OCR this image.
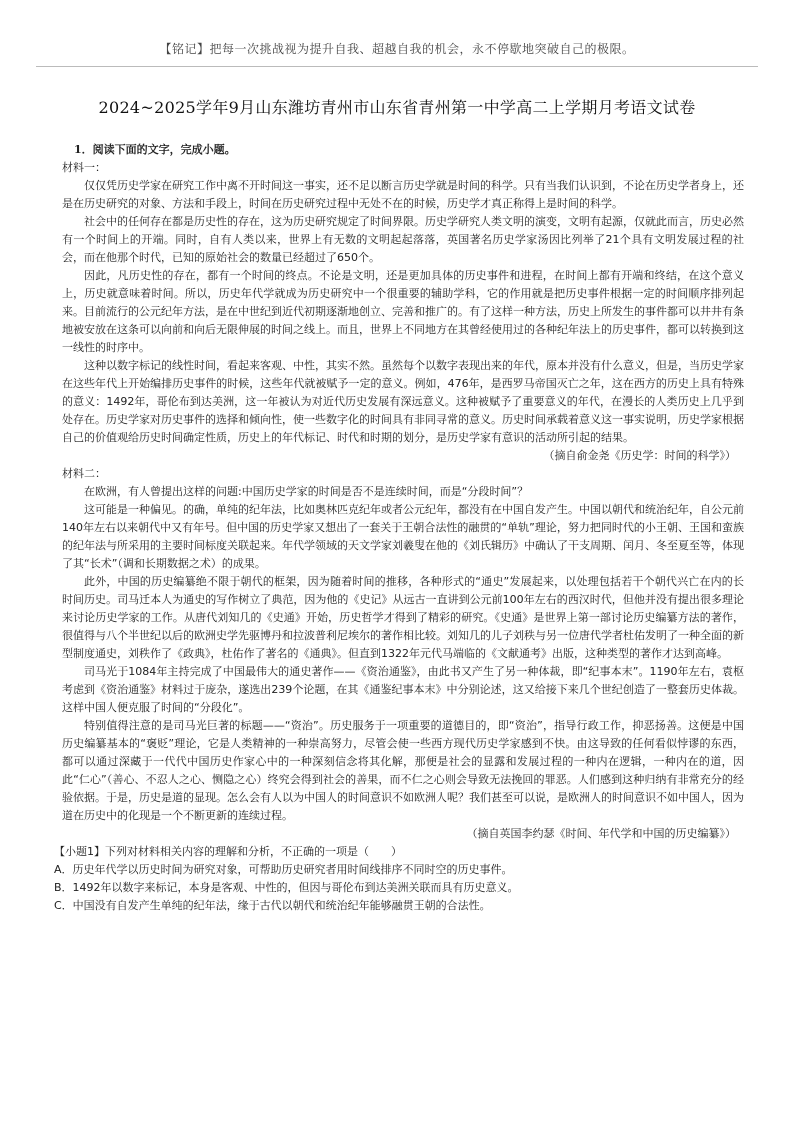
【铭记】把每一次挑战视为提升自我、超越自我的机会，永不停歇地突破自己的极限。
2024~2025学年9月山东潍坊青州市山东省青州第一中学高二上学期月考语文试卷

1．阅读下面的文字，完成小题。

材料一：

仅仅凭历史学家在研究工作中离不开时间这一事实，还不足以断言历史学就是时间的科学。只有当我们认识到，不论在历史学者身上，还是在历史研究的对象、方法和手段上，时间在历史研究过程中无处不在的时候，历史学才真正称得上是时间的科学。

社会中的任何存在都是历史性的存在，这为历史研究规定了时间界限。历史学研究人类文明的演变，文明有起源，仅就此而言，历史必然有一个时间上的开端。同时，自有人类以来，世界上有无数的文明起起落落，英国著名历史学家汤因比列举了21个具有文明发展过程的社会，而在他那个时代，已知的原始社会的数量已经超过了650个。

因此，凡历史性的存在，都有一个时间的终点。不论是文明，还是更加具体的历史事件和进程，在时间上都有开端和终结，在这个意义上，历史就意味着时间。所以，历史年代学就成为历史研究中一个很重要的辅助学科，它的作用就是把历史事件根据一定的时间顺序排列起来。目前流行的公元纪年方法，是在中世纪到近代初期逐渐地创立、完善和推广的。有了这样一种方法，历史上所发生的事件都可以井井有条地被安放在这条可以向前和向后无限伸展的时间之线上。而且，世界上不同地方在其曾经使用过的各种纪年法上的历史事件，都可以转换到这一线性的时序中。

这种以数字标记的线性时间，看起来客观、中性，其实不然。虽然每个以数字表现出来的年代，原本并没有什么意义，但是，当历史学家在这些年代上开始编排历史事件的时候，这些年代就被赋予一定的意义。例如，476年，是西罗马帝国灭亡之年，这在西方的历史上具有特殊的意义：1492年，哥伦布到达美洲，这一年被认为对近代历史发展有深远意义。这种被赋予了重要意义的年代，在漫长的人类历史上几乎到处存在。历史学家对历史事件的选择和倾向性，使一些数字化的时间具有非同寻常的意义。历史时间承载着意义这一事实说明，历史学家根据自己的价值观给历史时间确定性质，历史上的年代标记、时代和时期的划分，是历史学家有意识的活动所引起的结果。

（摘自俞金尧《历史学：时间的科学》）

材料二：

在欧洲，有人曾提出这样的问题:中国历史学家的时间是否不是连续时间，而是“分段时间”？

这可能是一种偏见。的确，单纯的纪年法，比如奥林匹克纪年或者公元纪年，都没有在中国自发产生。中国以朝代和统治纪年，自公元前140年左右以来朝代中又有年号。但中国的历史学家又想出了一套关于王朝合法性的融贯的“单轨”理论，努力把同时代的小王朝、王国和蛮族的纪年法与所采用的主要时间标度关联起来。年代学领域的天文学家刘羲叟在他的《刘氏辑历》中确认了干支周期、闰月、冬至夏至等，体现了其“长术”（调和长期数据之术）的成果。

此外，中国的历史编纂绝不限于朝代的框架，因为随着时间的推移，各种形式的“通史”发展起来，以处理包括若干个朝代兴亡在内的长时间历史。司马迁本人为通史的写作树立了典范，因为他的《史记》从远古一直讲到公元前100年左右的西汉时代，但他并没有提出很多理论来讨论历史学家的工作。从唐代刘知几的《史通》开始，历史哲学才得到了精彩的研究。《史通》是世界上第一部讨论历史编纂方法的著作，很值得与八个半世纪以后的欧洲史学先驱博丹和拉波普利尼埃尔的著作相比较。刘知几的儿子刘秩与另一位唐代学者杜佑发明了一种全面的新型制度通史，刘秩作了《政典》，杜佑作了著名的《通典》。但直到1322年元代马端临的《文献通考》出版，这种类型的著作才达到高峰。

司马光于1084年主持完成了中国最伟大的通史著作——《资治通鉴》，由此书又产生了另一种体裁，即“纪事本末”。1190年左右，袁枢考虑到《资治通鉴》材料过于庞杂，遂选出239个论题，在其《通鉴纪事本末》中分别论述，这又给接下来几个世纪创造了一整套历史体裁。这样中国人便克服了时间的“分段化”。

特别值得注意的是司马光巨著的标题——“资治”。历史服务于一项重要的道德目的，即“资治”，指导行政工作，抑恶扬善。这便是中国历史编纂基本的“褒贬”理论，它是人类精神的一种崇高努力，尽管会使一些西方现代历史学家感到不快。由这导致的任何看似悖谬的东西，都可以通过深藏于一代代中国历史作家心中的一种深刻信念将其化解，那便是社会的显露和发展过程的一种内在逻辑，一种内在的道，因此“仁心”（善心、不忍人之心、恻隐之心）终究会得到社会的善果，而不仁之心则会导致无法挽回的罪恶。人们感到这种归纳有非常充分的经验依据。于是，历史是道的显现。怎么会有人以为中国人的时间意识不如欧洲人呢？我们甚至可以说，是欧洲人的时间意识不如中国人，因为道在历史中的化现是一个不断更新的连续过程。

（摘自英国李约瑟《时间、年代学和中国的历史编纂》）

【小题1】下列对材料相关内容的理解和分析，不正确的一项是（　　）

A．历史年代学以历史时间为研究对象，可帮助历史研究者用时间线排序不同时空的历史事件。

B．1492年以数字来标记，本身是客观、中性的，但因与哥伦布到达美洲关联而具有历史意义。

C．中国没有自发产生单纯的纪年法，缘于古代以朝代和统治纪年能够融贯王朝的合法性。
